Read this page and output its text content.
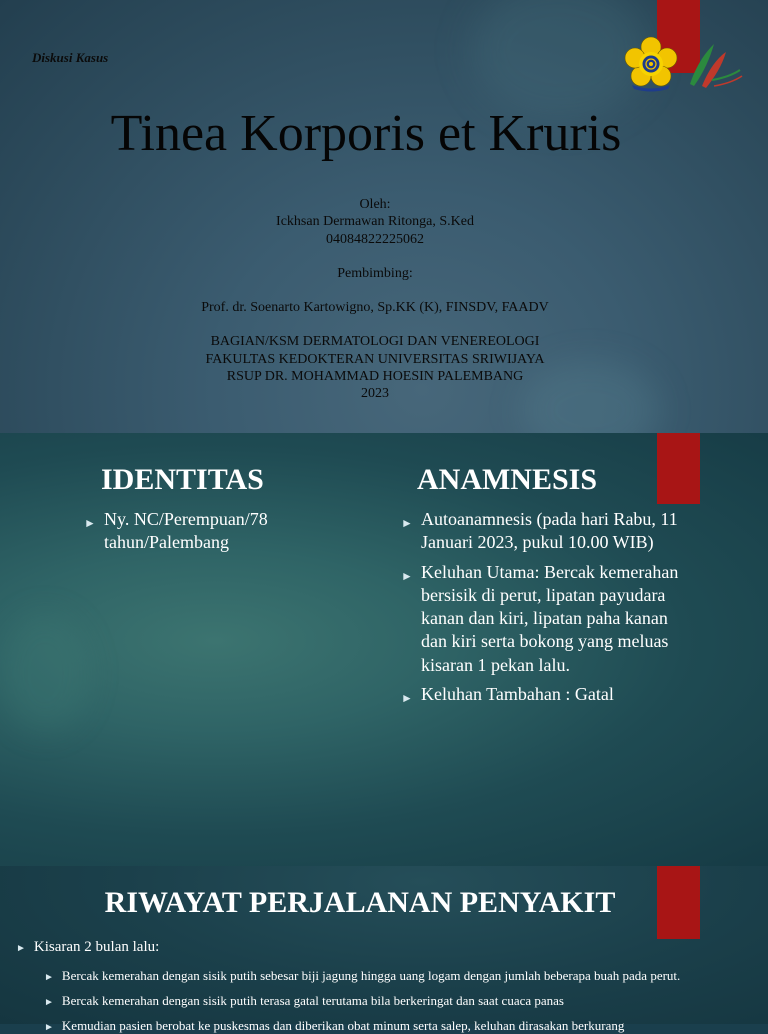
Diskusi Kasus
Tinea Korporis et Kruris
Oleh:
Ickhsan Dermawan Ritonga, S.Ked
04084822225062
Pembimbing:
Prof. dr. Soenarto Kartowigno, Sp.KK (K), FINSDV, FAADV
BAGIAN/KSM DERMATOLOGI DAN VENEREOLOGI
FAKULTAS KEDOKTERAN UNIVERSITAS SRIWIJAYA
RSUP DR. MOHAMMAD HOESIN PALEMBANG
2023
IDENTITAS
► Ny. NC/Perempuan/78 tahun/Palembang
ANAMNESIS
► Autoanamnesis (pada hari Rabu, 11 Januari 2023, pukul 10.00 WIB)
► Keluhan Utama: Bercak kemerahan bersisik di perut, lipatan payudara kanan dan kiri, lipatan paha kanan dan kiri serta bokong yang meluas kisaran 1 pekan lalu.
► Keluhan Tambahan : Gatal
RIWAYAT PERJALANAN PENYAKIT
► Kisaran 2 bulan lalu:
► Bercak kemerahan dengan sisik putih sebesar biji jagung hingga uang logam dengan jumlah beberapa buah pada perut.
► Bercak kemerahan dengan sisik putih terasa gatal terutama bila berkeringat dan saat cuaca panas
► Kemudian pasien berobat ke puskesmas dan diberikan obat minum serta salep, keluhan dirasakan berkurang
